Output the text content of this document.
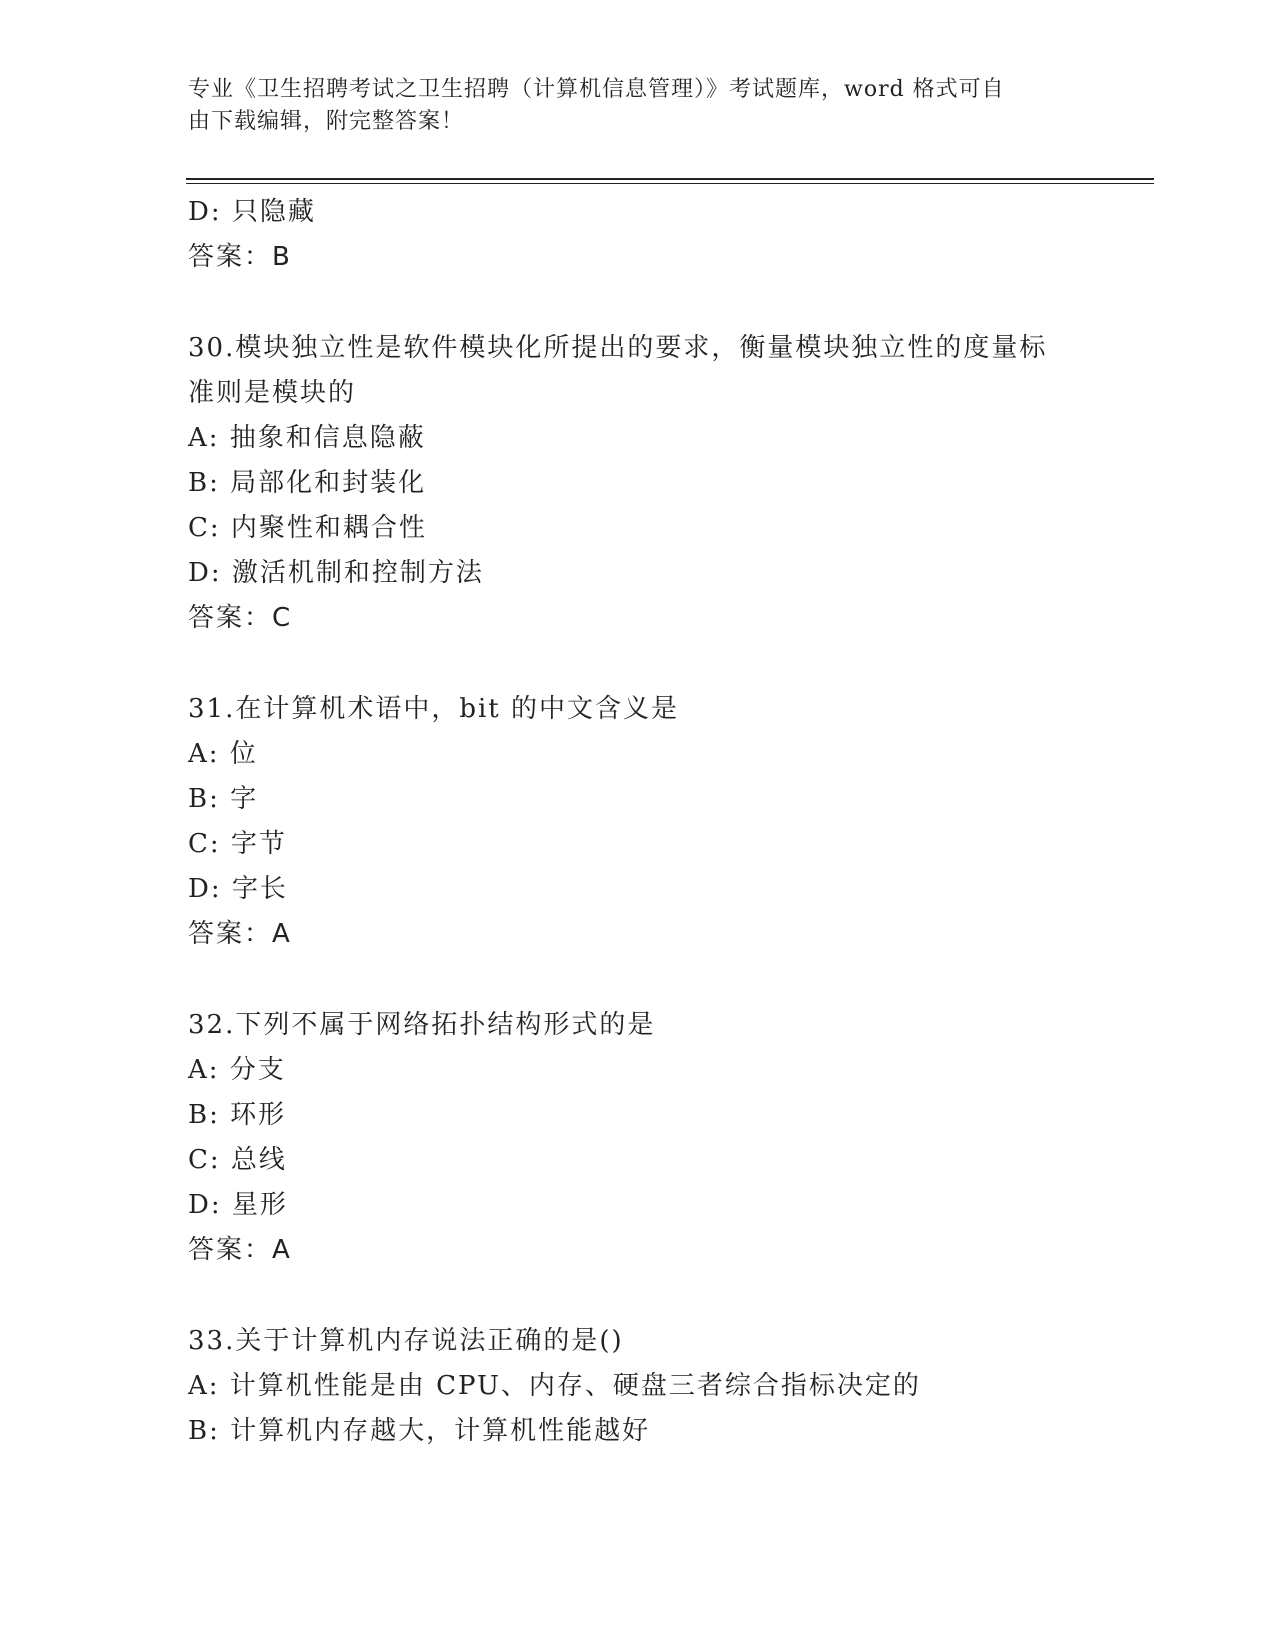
专业《卫生招聘考试之卫生招聘（计算机信息管理）》考试题库，word 格式可自
由下载编辑，附完整答案！
D: 只隐藏
答案：B
30.模块独立性是软件模块化所提出的要求，衡量模块独立性的度量标
准则是模块的
A: 抽象和信息隐蔽
B: 局部化和封装化
C: 内聚性和耦合性
D: 激活机制和控制方法
答案：C
31.在计算机术语中，bit 的中文含义是
A: 位
B: 字
C: 字节
D: 字长
答案：A
32.下列不属于网络拓扑结构形式的是
A: 分支
B: 环形
C: 总线
D: 星形
答案：A
33.关于计算机内存说法正确的是()
A: 计算机性能是由 CPU、内存、硬盘三者综合指标决定的
B: 计算机内存越大，计算机性能越好
